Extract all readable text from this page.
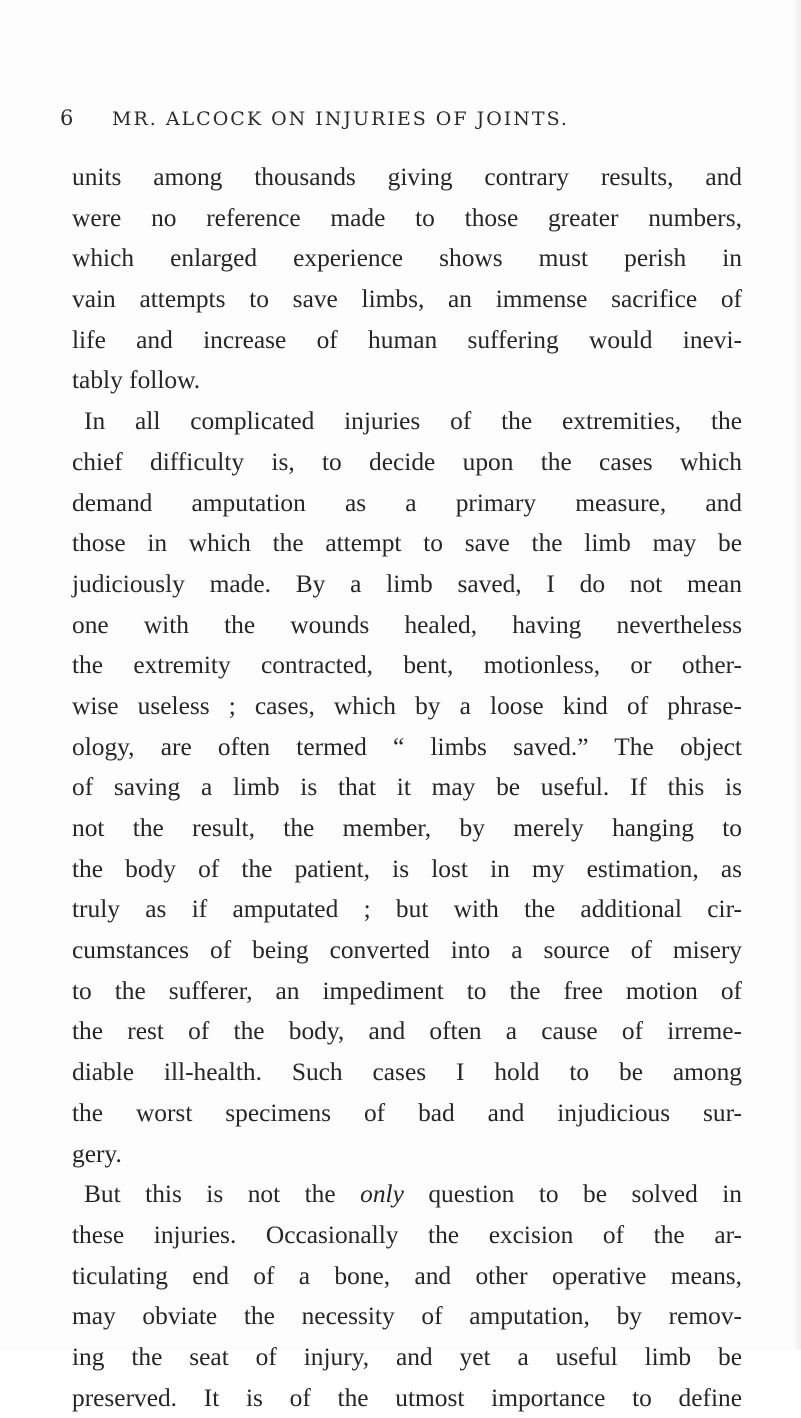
6 MR. ALCOCK ON INJURIES OF JOINTS.
units among thousands giving contrary results, and
were no reference made to those greater numbers,
which enlarged experience shows must perish in
vain attempts to save limbs, an immense sacrifice of
life and increase of human suffering would inevi-
tably follow.
In all complicated injuries of the extremities, the
chief difficulty is, to decide upon the cases which
demand amputation as a primary measure, and
those in which the attempt to save the limb may be
judiciously made. By a limb saved, I do not mean
one with the wounds healed, having nevertheless
the extremity contracted, bent, motionless, or other-
wise useless ; cases, which by a loose kind of phrase-
ology, are often termed “ limbs saved.” The object
of saving a limb is that it may be useful. If this is
not the result, the member, by merely hanging to
the body of the patient, is lost in my estimation, as
truly as if amputated ; but with the additional cir-
cumstances of being converted into a source of misery
to the sufferer, an impediment to the free motion of
the rest of the body, and often a cause of irreme-
diable ill-health. Such cases I hold to be among
the worst specimens of bad and injudicious sur-
gery.
But this is not the only question to be solved in
these injuries. Occasionally the excision of the ar-
ticulating end of a bone, and other operative means,
may obviate the necessity of amputation, by remov-
ing the seat of injury, and yet a useful limb be
preserved. It is of the utmost importance to define
